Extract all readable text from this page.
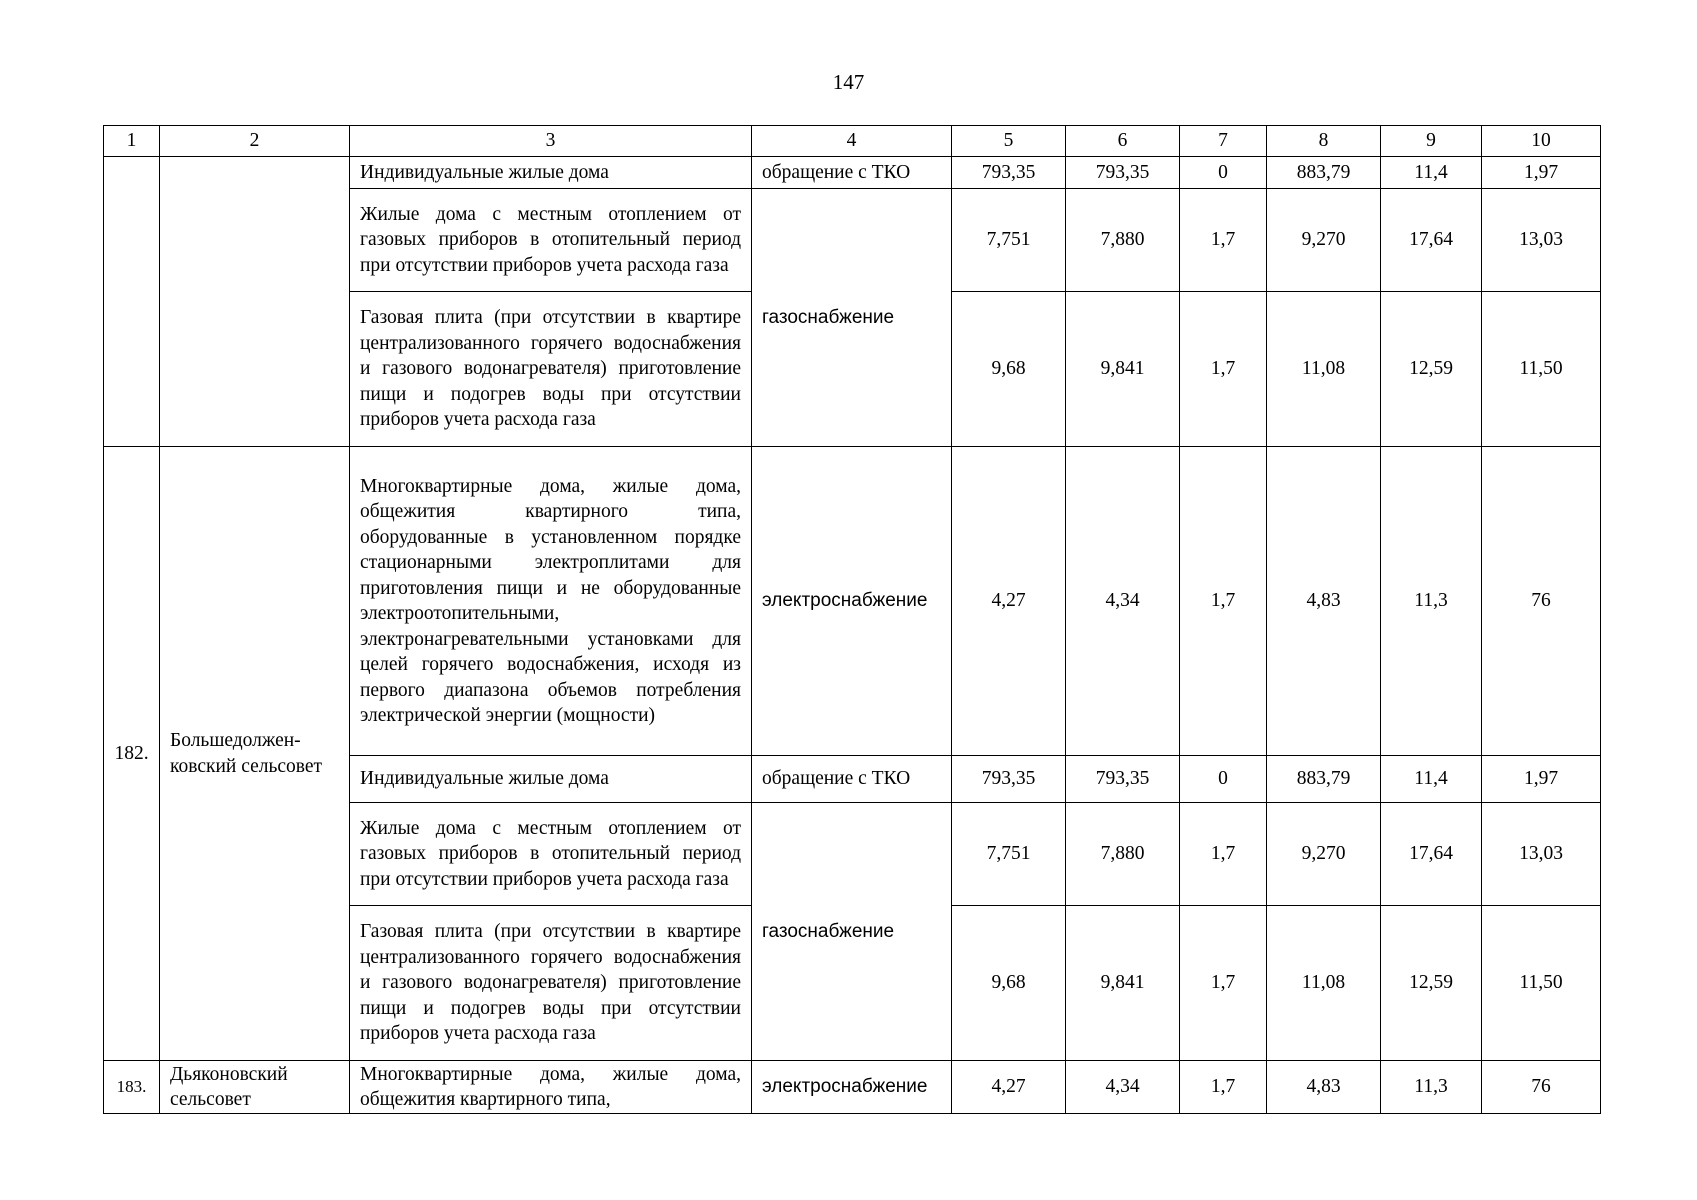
147
1	2	3	4	5	6	7	8	9	10
		Индивидуальные жилые дома	обращение с ТКО	793,35	793,35	0	883,79	11,4	1,97
		Жилые дома с местным отоплением от газовых приборов в отопительный период при отсутствии приборов учета расхода газа	газоснабжение	7,751	7,880	1,7	9,270	17,64	13,03
		Газовая плита (при отсутствии в квартире централизованного горячего водоснабжения и газового водонагревателя) приготовление пищи и подогрев воды при отсутствии приборов учета расхода газа		9,68	9,841	1,7	11,08	12,59	11,50
182.	Большедолжен-ковский сельсовет	Многоквартирные дома, жилые дома, общежития квартирного типа, оборудованные в установленном порядке стационарными электроплитами для приготовления пищи и не оборудованные электроотопительными, электронагревательными установками для целей горячего водоснабжения, исходя из первого диапазона объемов потребления электрической энергии (мощности)	электроснабжение	4,27	4,34	1,7	4,83	11,3	76
		Индивидуальные жилые дома	обращение с ТКО	793,35	793,35	0	883,79	11,4	1,97
		Жилые дома с местным отоплением от газовых приборов в отопительный период при отсутствии приборов учета расхода газа	газоснабжение	7,751	7,880	1,7	9,270	17,64	13,03
		Газовая плита (при отсутствии в квартире централизованного горячего водоснабжения и газового водонагревателя) приготовление пищи и подогрев воды при отсутствии приборов учета расхода газа		9,68	9,841	1,7	11,08	12,59	11,50
183.	Дьяконовский сельсовет	Многоквартирные дома, жилые дома, общежития квартирного типа,	электроснабжение	4,27	4,34	1,7	4,83	11,3	76
